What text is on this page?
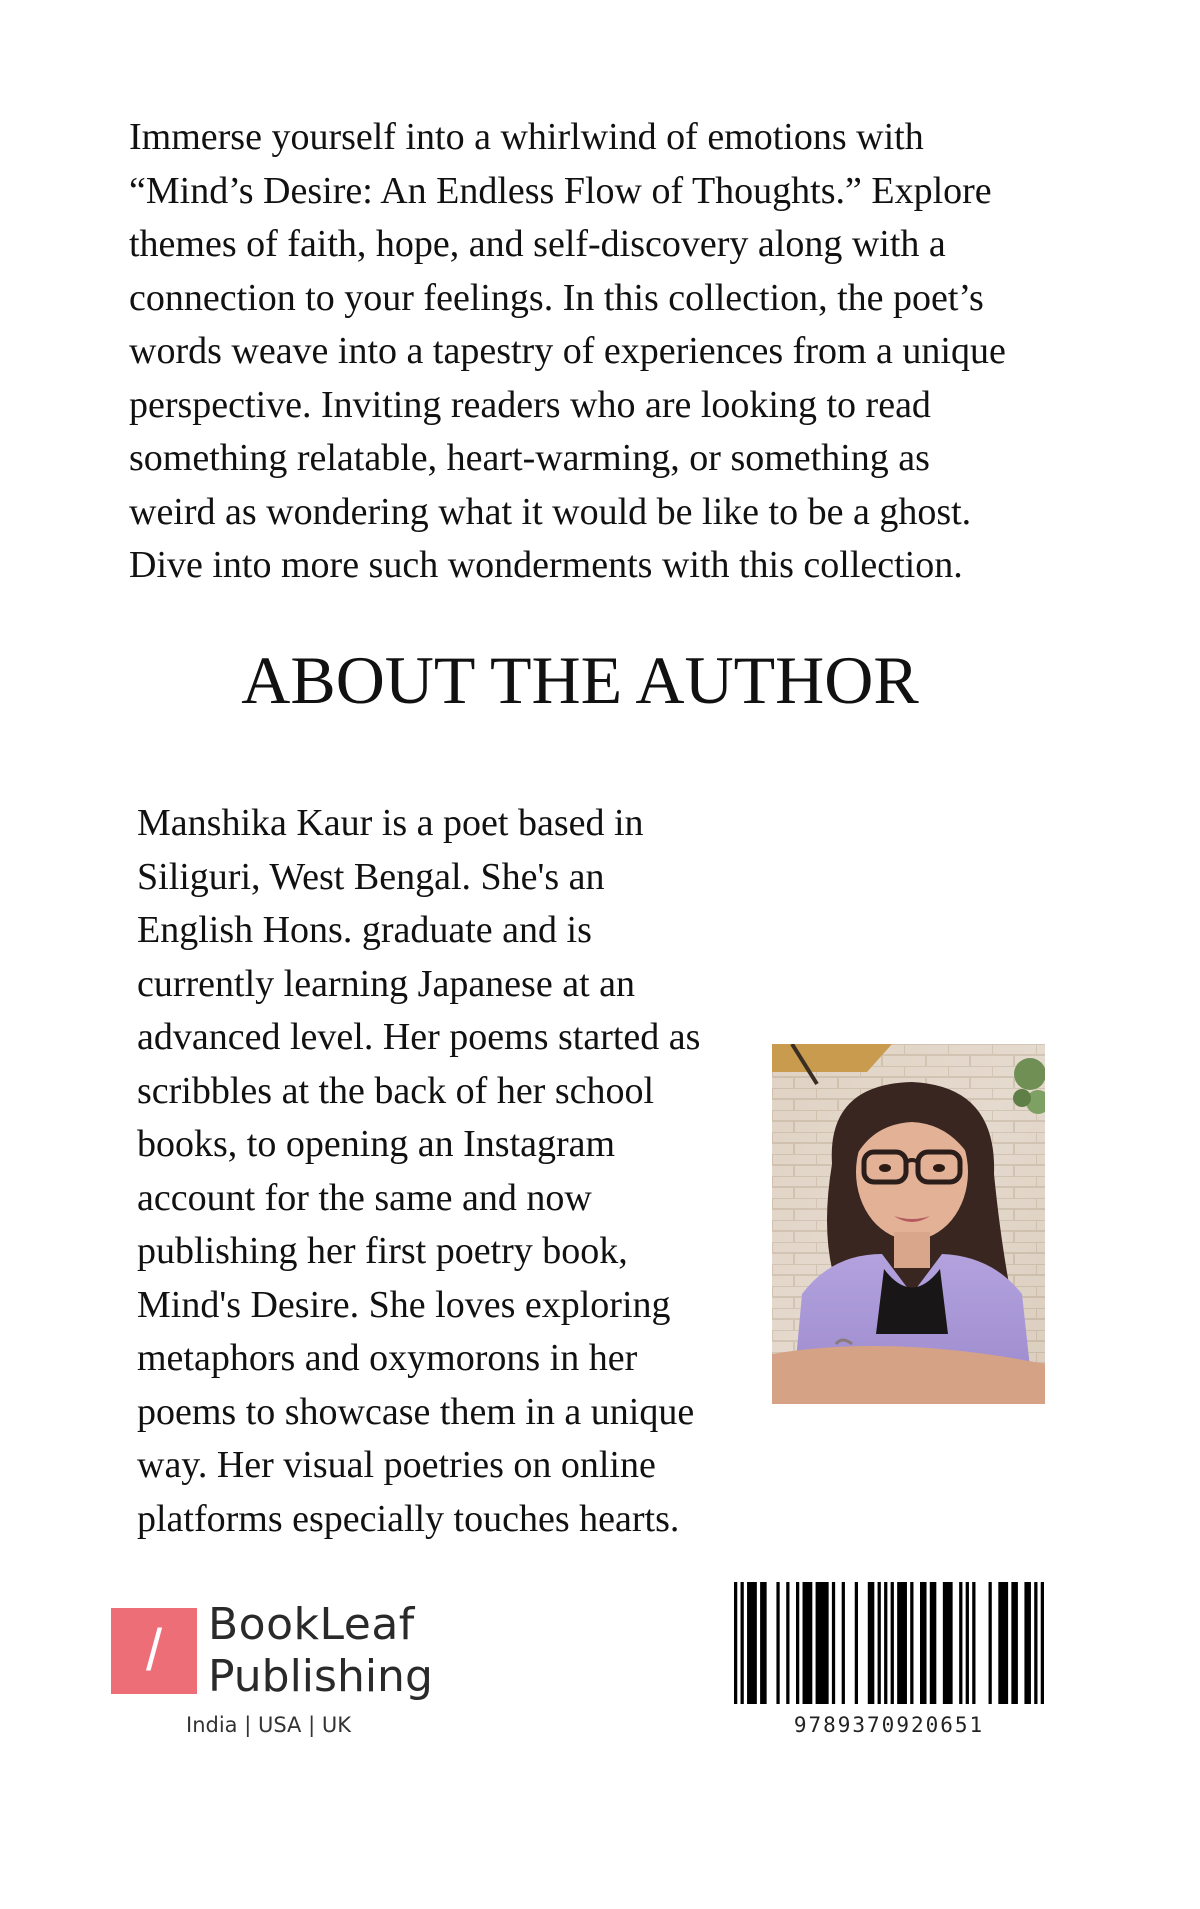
Immerse yourself into a whirlwind of emotions with
“Mind’s Desire: An Endless Flow of Thoughts.” Explore
themes of faith, hope, and self-discovery along with a
connection to your feelings. In this collection, the poet’s
words weave into a tapestry of experiences from a unique
perspective. Inviting readers who are looking to read
something relatable, heart-warming, or something as
weird as wondering what it would be like to be a ghost.
Dive into more such wonderments with this collection.
ABOUT THE AUTHOR
Manshika Kaur is a poet based in
Siliguri, West Bengal. She's an
English Hons. graduate and is
currently learning Japanese at an
advanced level. Her poems started as
scribbles at the back of her school
books, to opening an Instagram
account for the same and now
publishing her first poetry book,
Mind's Desire. She loves exploring
metaphors and oxymorons in her
poems to showcase them in a unique
way. Her visual poetries on online
platforms especially touches hearts.
/	BookLeaf
Publishing
India | USA | UK	9789370920651
